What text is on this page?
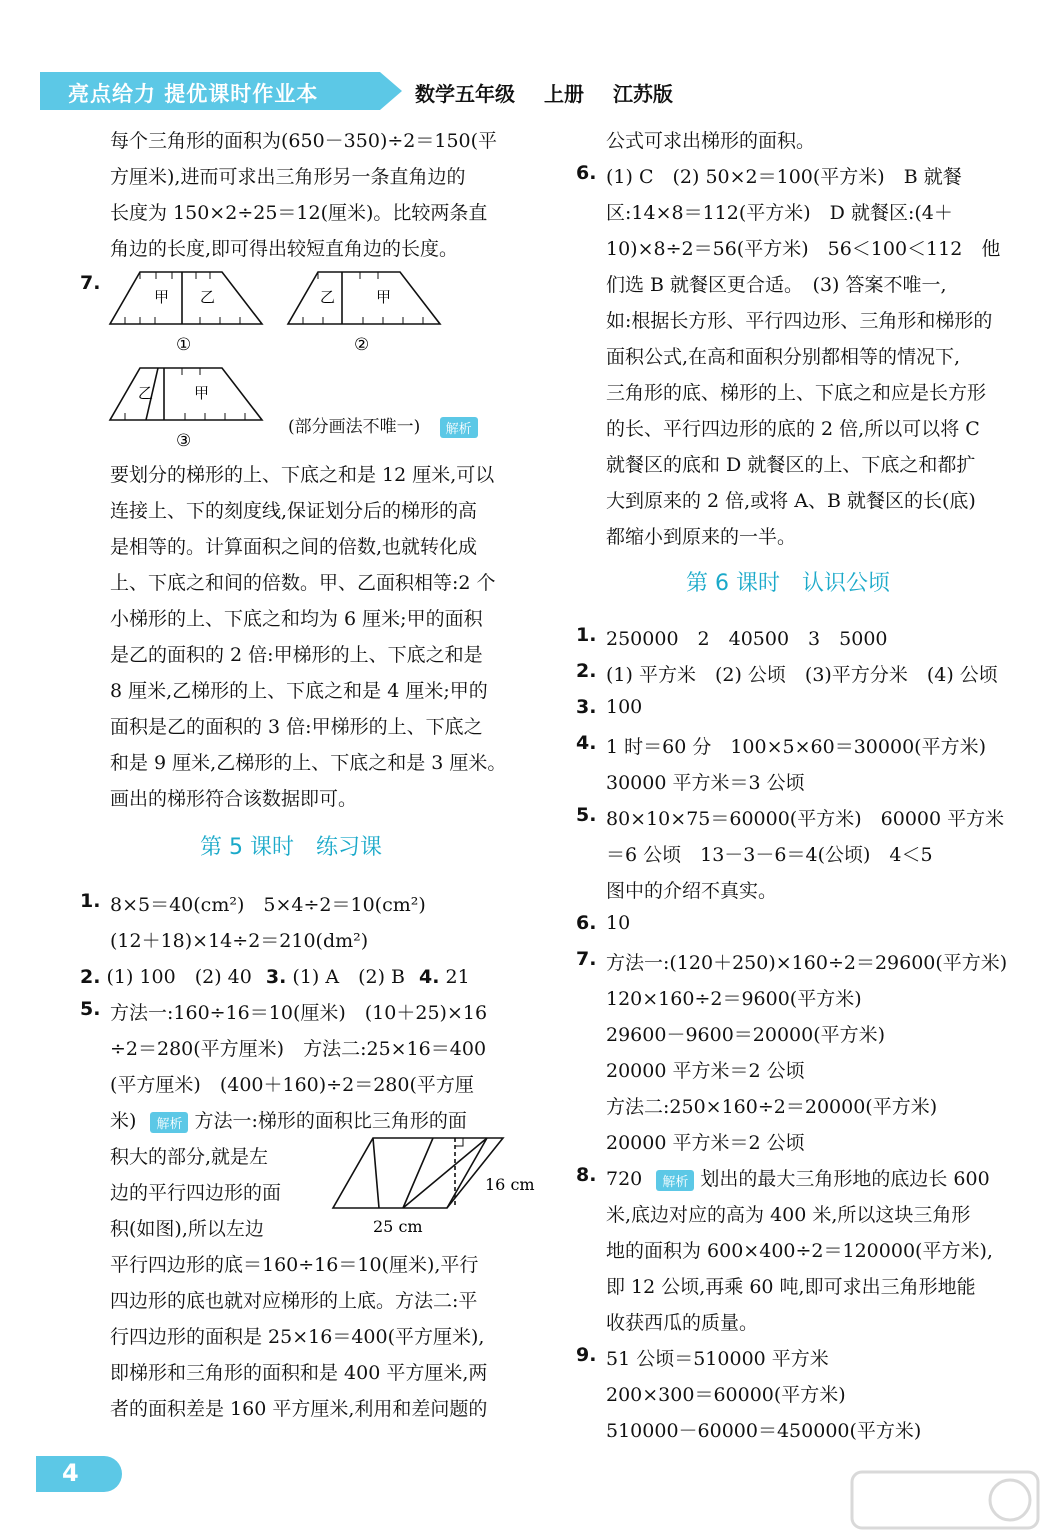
亮点给力 提优课时作业本	数学五年级 上册 江苏版
每个三角形的面积为(650－350)÷2＝150(平
方厘米),进而可求出三角形另一条直角边的
长度为 150×2÷25＝12(厘米)。比较两条直
角边的长度,即可得出较短直角边的长度。
7.
甲 乙
①
乙	甲
②
乙	甲
③
(部分画法不唯一) 解析
要划分的梯形的上、下底之和是 12 厘米,可以
连接上、下的刻度线,保证划分后的梯形的高
是相等的。计算面积之间的倍数,也就转化成
上、下底之和间的倍数。甲、乙面积相等:2 个
小梯形的上、下底之和均为 6 厘米;甲的面积
是乙的面积的 2 倍:甲梯形的上、下底之和是
8 厘米,乙梯形的上、下底之和是 4 厘米;甲的
面积是乙的面积的 3 倍:甲梯形的上、下底之
和是 9 厘米,乙梯形的上、下底之和是 3 厘米。
画出的梯形符合该数据即可。
第 5 课时　练习课
1. 8×5＝40(cm²)　5×4÷2＝10(cm²)
(12＋18)×14÷2＝210(dm²)
2. (1) 100　(2) 40 3. (1) A　(2) B 4. 21
5. 方法一:160÷16＝10(厘米)　(10＋25)×16
÷2＝280(平方厘米)　方法二:25×16＝400
(平方厘米)　(400＋160)÷2＝280(平方厘
米) 解析 方法一:梯形的面积比三角形的面
积大的部分,就是左
边的平行四边形的面
积(如图),所以左边
平行四边形的底＝160÷16＝10(厘米),平行
四边形的底也就对应梯形的上底。方法二:平
行四边形的面积是 25×16＝400(平方厘米),
即梯形和三角形的面积和是 400 平方厘米,两
者的面积差是 160 平方厘米,利用和差问题的
16 cm
25 cm
公式可求出梯形的面积。
6. (1) C　(2) 50×2＝100(平方米)　B 就餐
区:14×8＝112(平方米)　D 就餐区:(4＋
10)×8÷2＝56(平方米)　56＜100＜112　他
们选 B 就餐区更合适。　(3) 答案不唯一,
如:根据长方形、平行四边形、三角形和梯形的
面积公式,在高和面积分别都相等的情况下,
三角形的底、梯形的上、下底之和应是长方形
的长、平行四边形的底的 2 倍,所以可以将 C
就餐区的底和 D 就餐区的上、下底之和都扩
大到原来的 2 倍,或将 A、B 就餐区的长(底)
都缩小到原来的一半。
第 6 课时　认识公顷
1. 250000　2　40500　3　5000
2. (1) 平方米　(2) 公顷　(3)平方分米　(4) 公顷
3. 100
4. 1 时＝60 分　100×5×60＝30000(平方米)
30000 平方米＝3 公顷
5. 80×10×75＝60000(平方米)　60000 平方米
＝6 公顷　13－3－6＝4(公顷)　4＜5
图中的介绍不真实。
6. 10
7. 方法一:(120＋250)×160÷2＝29600(平方米)
120×160÷2＝9600(平方米)
29600－9600＝20000(平方米)
20000 平方米＝2 公顷
方法二:250×160÷2＝20000(平方米)
20000 平方米＝2 公顷
8. 720 解析 划出的最大三角形地的底边长 600
米,底边对应的高为 400 米,所以这块三角形
地的面积为 600×400÷2＝120000(平方米),
即 12 公顷,再乘 60 吨,即可求出三角形地能
收获西瓜的质量。
9. 51 公顷＝510000 平方米
200×300＝60000(平方米)
510000－60000＝450000(平方米)
4
